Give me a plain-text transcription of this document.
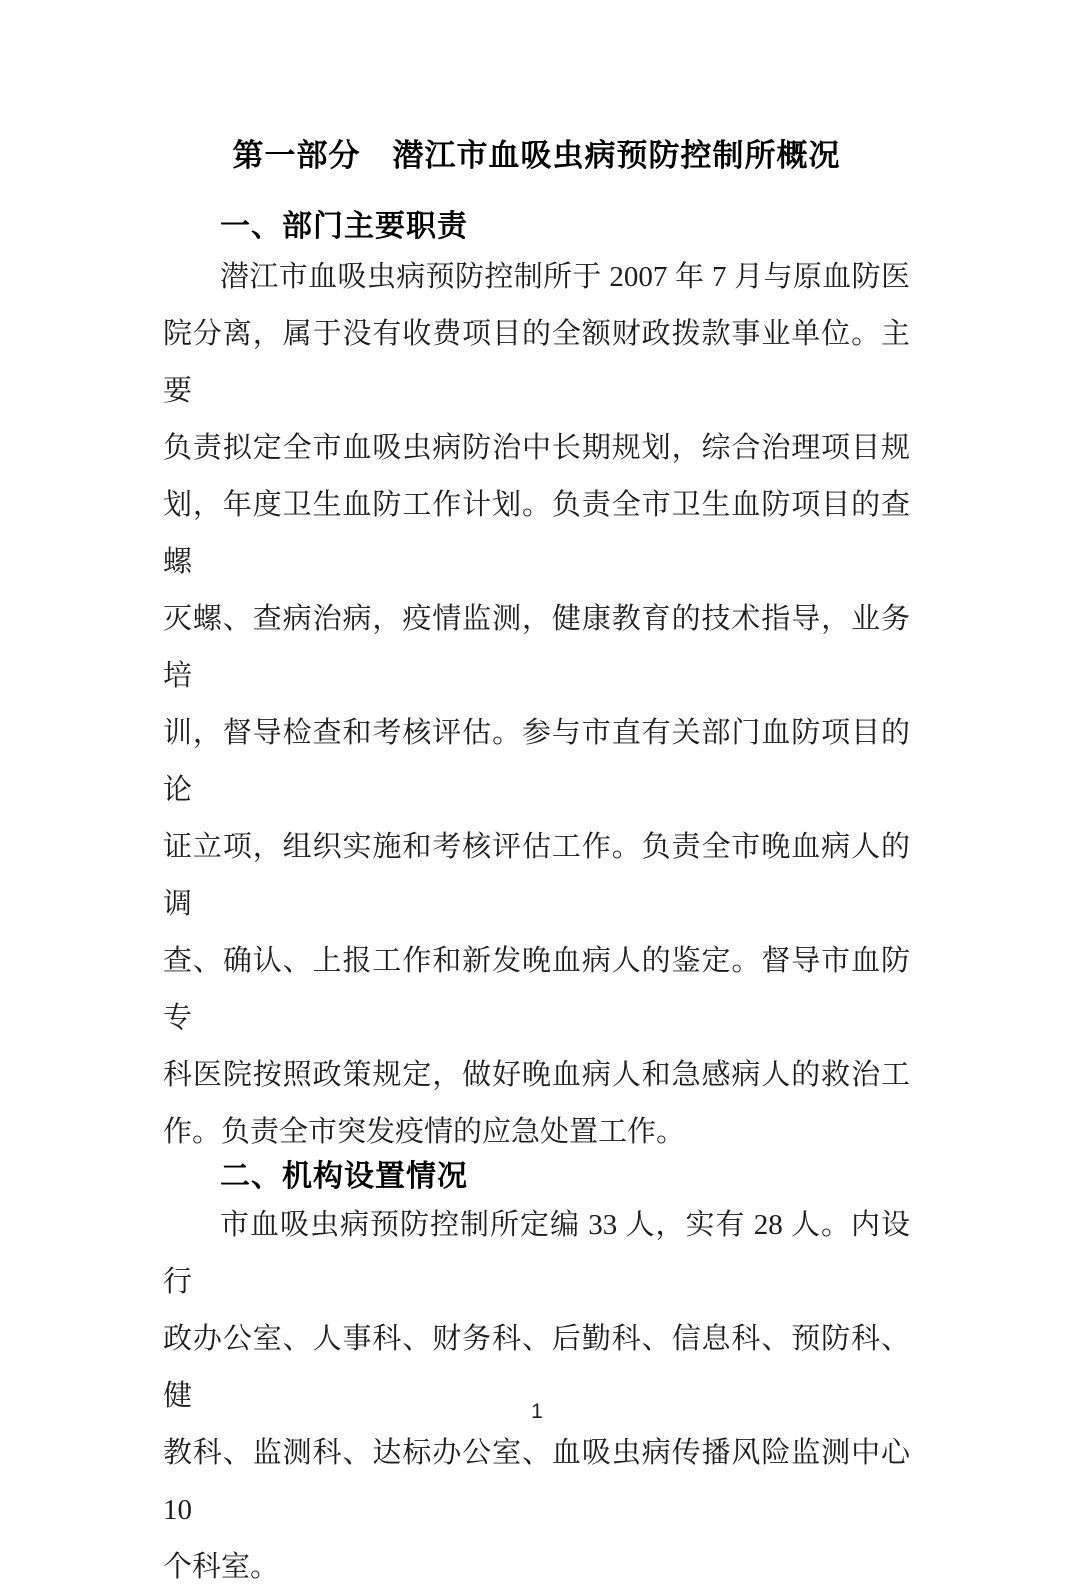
第一部分　潜江市血吸虫病预防控制所概况
一、部门主要职责
潜江市血吸虫病预防控制所于 2007 年 7 月与原血防医
院分离，属于没有收费项目的全额财政拨款事业单位。主要
负责拟定全市血吸虫病防治中长期规划，综合治理项目规
划，年度卫生血防工作计划。负责全市卫生血防项目的查螺
灭螺、查病治病，疫情监测，健康教育的技术指导，业务培
训，督导检查和考核评估。参与市直有关部门血防项目的论
证立项，组织实施和考核评估工作。负责全市晚血病人的调
查、确认、上报工作和新发晚血病人的鉴定。督导市血防专
科医院按照政策规定，做好晚血病人和急感病人的救治工
作。负责全市突发疫情的应急处置工作。
二、机构设置情况
市血吸虫病预防控制所定编 33 人，实有 28 人。内设行
政办公室、人事科、财务科、后勤科、信息科、预防科、健
教科、监测科、达标办公室、血吸虫病传播风险监测中心 10
个科室。
1
